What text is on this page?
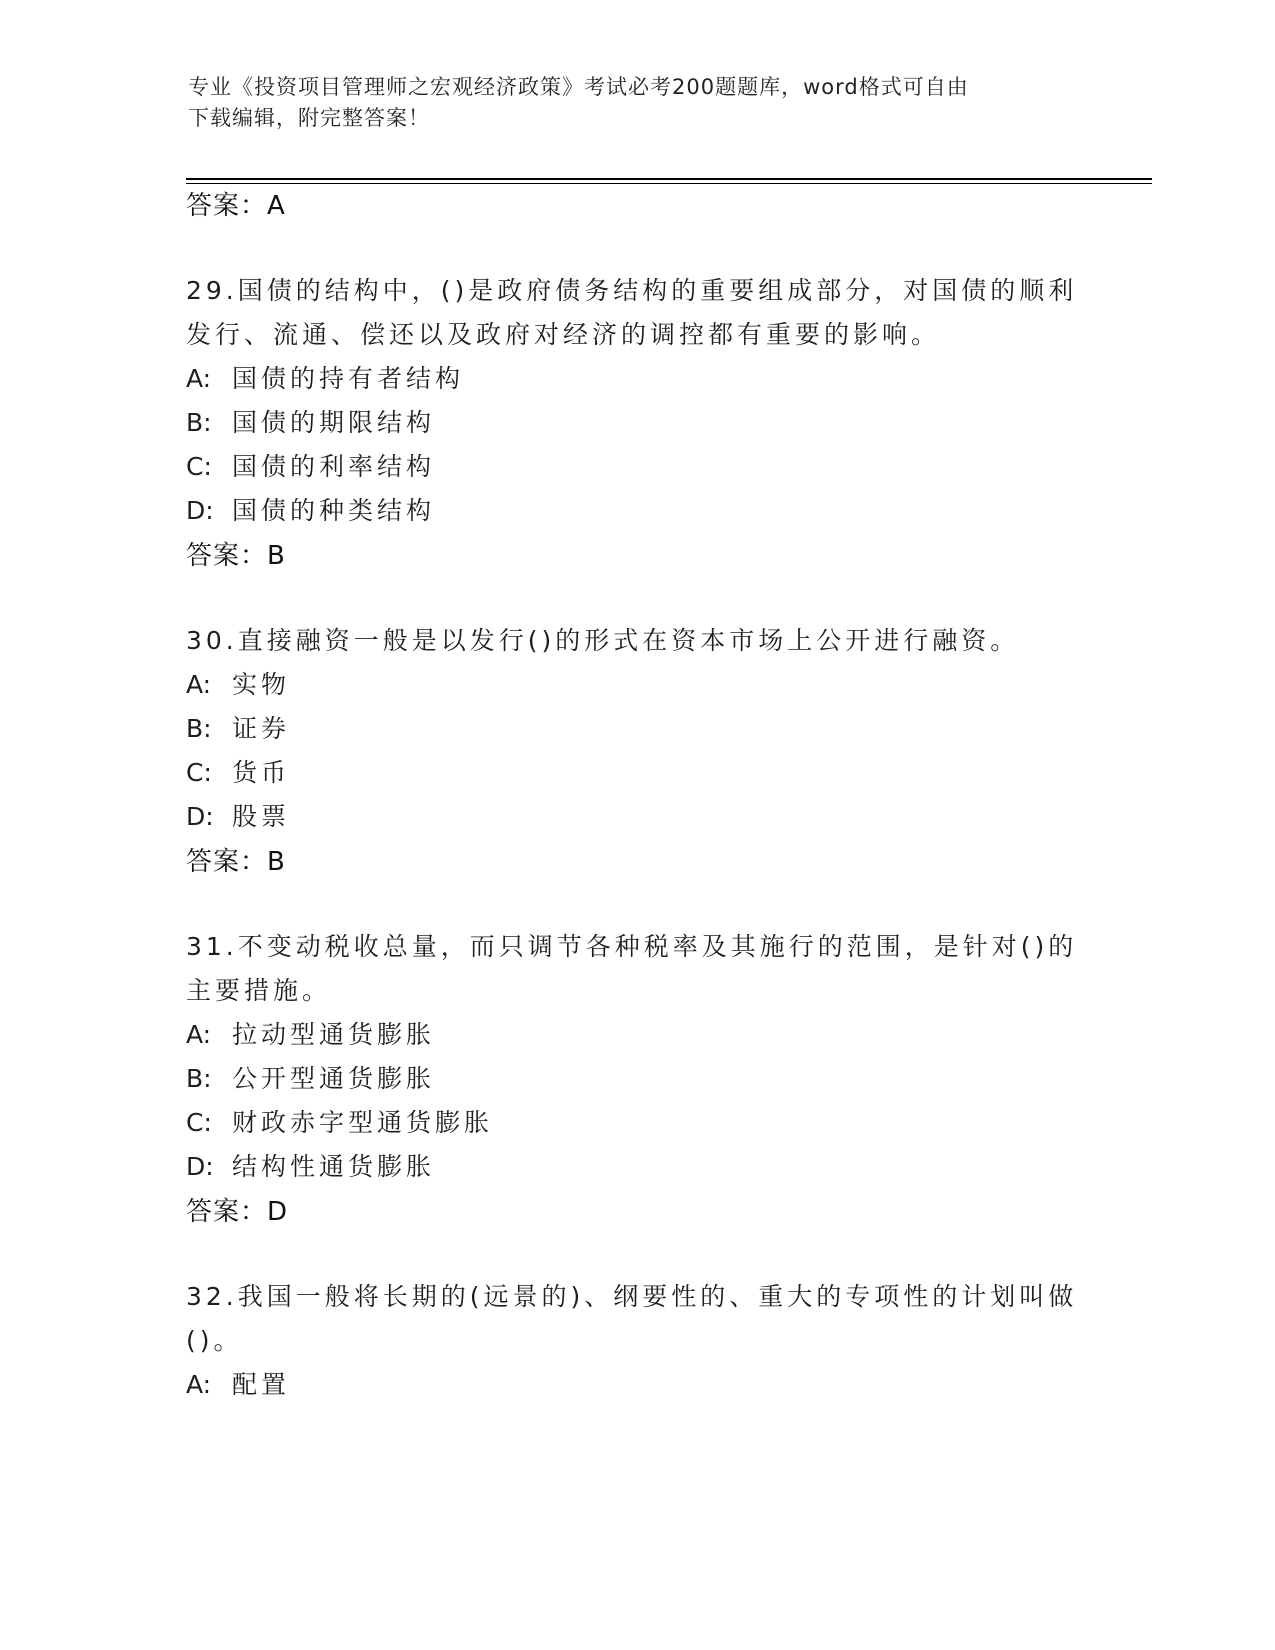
专业《投资项目管理师之宏观经济政策》考试必考200题题库，word格式可自由
下载编辑，附完整答案！
答案：A
29.国债的结构中，()是政府债务结构的重要组成部分，对国债的顺利
发行、流通、偿还以及政府对经济的调控都有重要的影响。
A: 国债的持有者结构
B: 国债的期限结构
C: 国债的利率结构
D: 国债的种类结构
答案：B
30.直接融资一般是以发行()的形式在资本市场上公开进行融资。
A: 实物
B: 证券
C: 货币
D: 股票
答案：B
31.不变动税收总量，而只调节各种税率及其施行的范围，是针对()的
主要措施。
A: 拉动型通货膨胀
B: 公开型通货膨胀
C: 财政赤字型通货膨胀
D: 结构性通货膨胀
答案：D
32.我国一般将长期的(远景的)、纲要性的、重大的专项性的计划叫做
()。
A: 配置
